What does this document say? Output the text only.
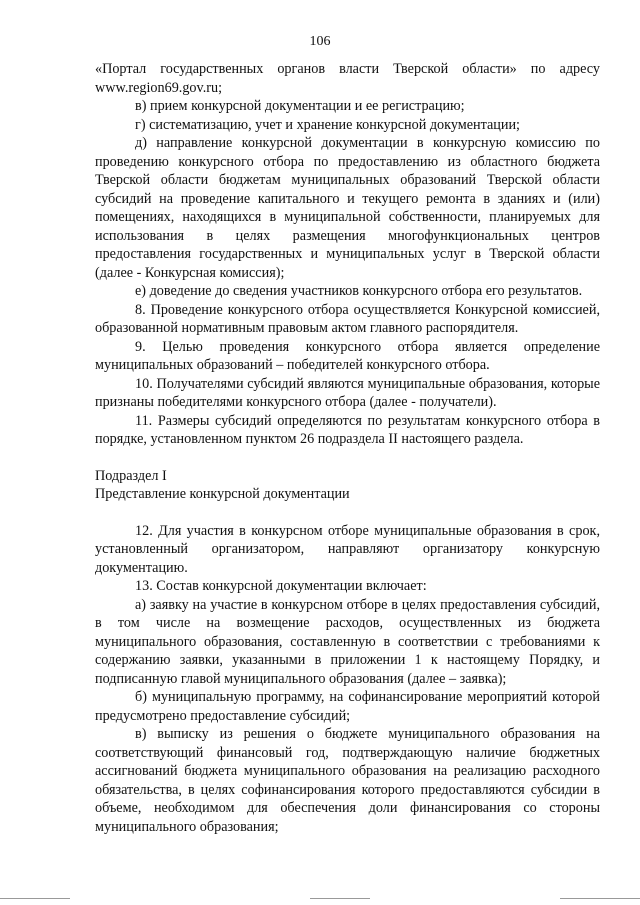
106

«Портал государственных органов власти Тверской области» по адресу www.region69.gov.ru;

в) прием конкурсной документации и ее регистрацию;

г) систематизацию, учет и хранение конкурсной документации;

д) направление конкурсной документации в конкурсную комиссию по проведению конкурсного отбора по предоставлению из областного бюджета Тверской области бюджетам муниципальных образований Тверской области субсидий на проведение капитального и текущего ремонта в зданиях и (или) помещениях, находящихся в муниципальной собственности, планируемых для использования в целях размещения многофункциональных центров предоставления государственных и муниципальных услуг в Тверской области (далее - Конкурсная комиссия);

е) доведение до сведения участников конкурсного отбора его результатов.

8. Проведение конкурсного отбора осуществляется Конкурсной комиссией, образованной нормативным правовым актом главного распорядителя.

9. Целью проведения конкурсного отбора является определение муниципальных образований – победителей конкурсного отбора.

10. Получателями субсидий являются муниципальные образования, которые признаны победителями конкурсного отбора (далее - получатели).

11. Размеры субсидий определяются по результатам конкурсного отбора в порядке, установленном пунктом 26 подраздела II настоящего раздела.

Подраздел I

Представление конкурсной документации

12. Для участия в конкурсном отборе муниципальные образования в срок, установленный организатором, направляют организатору конкурсную документацию.

13. Состав конкурсной документации включает:

а) заявку на участие в конкурсном отборе в целях предоставления субсидий, в том числе на возмещение расходов, осуществленных из бюджета муниципального образования, составленную в соответствии с требованиями к содержанию заявки, указанными в приложении 1 к настоящему Порядку, и подписанную главой муниципального образования (далее – заявка);

б) муниципальную программу, на софинансирование мероприятий которой предусмотрено предоставление субсидий;

в) выписку из решения о бюджете муниципального образования на соответствующий финансовый год, подтверждающую наличие бюджетных ассигнований бюджета муниципального образования на реализацию расходного обязательства, в целях софинансирования которого предоставляются субсидии в объеме, необходимом для обеспечения доли финансирования со стороны муниципального образования;
